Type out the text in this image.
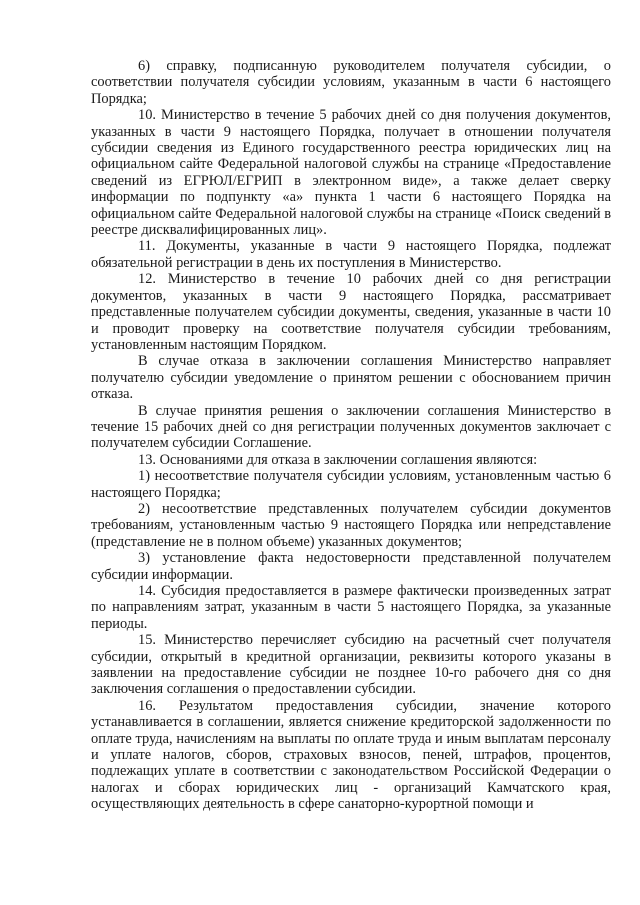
6) справку, подписанную руководителем получателя субсидии, о соответствии получателя субсидии условиям, указанным в части 6 настоящего Порядка;

10. Министерство в течение 5 рабочих дней со дня получения документов, указанных в части 9 настоящего Порядка, получает в отношении получателя субсидии сведения из Единого государственного реестра юридических лиц на официальном сайте Федеральной налоговой службы на странице «Предоставление сведений из ЕГРЮЛ/ЕГРИП в электронном виде», а также делает сверку информации по подпункту «а» пункта 1 части 6 настоящего Порядка на официальном сайте Федеральной налоговой службы на странице «Поиск сведений в реестре дисквалифицированных лиц».

11. Документы, указанные в части 9 настоящего Порядка, подлежат обязательной регистрации в день их поступления в Министерство.

12. Министерство в течение 10 рабочих дней со дня регистрации документов, указанных в части 9 настоящего Порядка, рассматривает представленные получателем субсидии документы, сведения, указанные в части 10 и проводит проверку на соответствие получателя субсидии требованиям, установленным настоящим Порядком.

В случае отказа в заключении соглашения Министерство направляет получателю субсидии уведомление о принятом решении с обоснованием причин отказа.

В случае принятия решения о заключении соглашения Министерство в течение 15 рабочих дней со дня регистрации полученных документов заключает с получателем субсидии Соглашение.

13. Основаниями для отказа в заключении соглашения являются:

1) несоответствие получателя субсидии условиям, установленным частью 6 настоящего Порядка;

2) несоответствие представленных получателем субсидии документов требованиям, установленным частью 9 настоящего Порядка или непредставление (представление не в полном объеме) указанных документов;

3) установление факта недостоверности представленной получателем субсидии информации.

14. Субсидия предоставляется в размере фактически произведенных затрат по направлениям затрат, указанным в части 5 настоящего Порядка, за указанные периоды.

15. Министерство перечисляет субсидию на расчетный счет получателя субсидии, открытый в кредитной организации, реквизиты которого указаны в заявлении на предоставление субсидии не позднее 10-го рабочего дня со дня заключения соглашения о предоставлении субсидии.

16. Результатом предоставления субсидии, значение которого устанавливается в соглашении, является снижение кредиторской задолженности по оплате труда, начислениям на выплаты по оплате труда и иным выплатам персоналу и уплате налогов, сборов, страховых взносов, пеней, штрафов, процентов, подлежащих уплате в соответствии с законодательством Российской Федерации о налогах и сборах юридических лиц - организаций Камчатского края, осуществляющих деятельность в сфере санаторно-курортной помощи и
